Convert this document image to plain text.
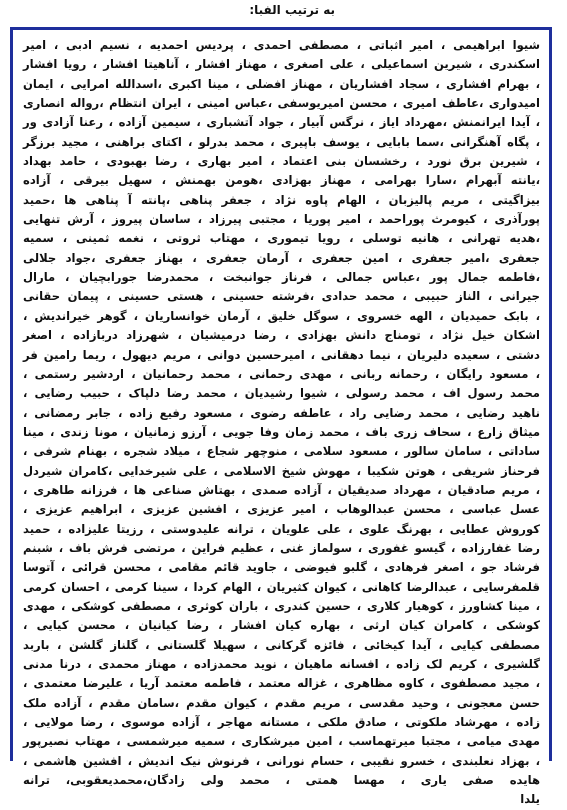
به ترتیب الفبا:
شیوا ابراهیمی ، امیر اثباتی ، مصطفی احمدی ، پردیس احمدیه ، نسیم ادبی ، امیر
اسکندری ، شیرین اسماعیلی ، علی اصغری ، مهناز افشار ، آناهیتا افشار ، رویا افشار
، بهرام افشاری ، سجاد افشاریان ، مهناز افضلی ، مینا اکبری ،اسدالله امرایی ، ایمان
امیدواری ،عاطف امیری ، محسن امیریوسفی ،عباس امینی ، ایران انتظام ،رواله انصاری
، آیدا ایرانمنش ،مهرداد ایاز ، نرگس آبیار ، جواد آتشباری ، سیمین آزاده ، رعنا آزادی ور
، پگاه آهنگرانی ،سما بابایی ، یوسف باپیری ، محمد بدرلو ، اکتای براهنی ، مجید برزگر
، شیرین برق نورد ، رخشسان بنی اعتماد ، امیر بهاری ، رضا بهبودی ، حامد بهداد
،یانته آبهرام ،سارا بهرامی ، مهناز بهزادی ،هومن بهمنش ، سهیل بیرقی ، آزاده
بیزاگیتی ، مریم پالیزبان ، الهام پاوه نژاد ، جعفر پناهی ،پانته آ پناهی ها ،حمید
پورآذری ، کیومرث پوراحمد ، امیر پوریا ، مجتبی پیرزاد ، ساسان پیروز ، آرش تنهایی
،هدیه تهرانی ، هانیه توسلی ، رویا تیموری ، مهتاب ثروتی ، نغمه ثمینی ، سمیه
جعفری ،امیر جعفری ، امین جعفری ، آرمان جعفری ، بهناز جعفری ،جواد جلالی
،فاطمه جمال پور ،عباس جمالی ، فرناز جوانبخت ، محمدرضا جورابچیان ، مارال
جیرانی ، الناز حبیبی ، محمد حدادی ،فرشته حسینی ، هستی حسینی ، پیمان حقانی
، بابک حمیدیان ، الهه خسروی ، سوگل خلیق ، آرمان خوانساریان ، گوهر خیراندیش ،
اشکان خیل نژاد ، تومناج دانش بهزادی ، رضا درمیشیان ، شهرزاد دربازاده ، اصغر
دشتی ، سعیده دلیریان ، نیما دهقانی ، امیرحسین دوانی ، مریم دیهول ، ریما رامین فر
، مسعود رایگان ، رحمانه ربانی ، مهدی رحمانی ، محمد رحمانیان ، اردشیر رستمی ،
محمد رسول اف ، محمد رسولی ، شیوا رشیدیان ، محمد رضا دلپاک ، حبیب رضایی ،
ناهید رضایی ، محمد رضایی راد ، عاطفه رضوی ، مسعود رفیع زاده ، جابر رمضانی ،
میثاق زارع ، سحاف زری باف ، محمد زمان وفا جویی ، آرزو زمانیان ، مونا زندی ، مینا
ساداتی ، سامان سالور ، مسعود سلامی ، منوچهر شجاع ، میلاد شجره ، بهنام شرفی ،
فرحناز شریفی ، هوتن شکیبا ، مهوش شیخ الاسلامی ، علی شیرخدایی ،کامران شیردل
، مریم صادقیان ، مهرداد صدیقیان ، آزاده صمدی ، بهتاش صناعی ها ، فرزانه طاهری ،
عسل عباسی ، محسن عبدالوهاب ، امیر عزیزی ، افشین عزیزی ، ابراهیم عزیزی ،
کوروش عطایی ، بهرنگ علوی ، علی علویان ، ترانه علیدوستی ، رزیتا علیزاده ، حمید
رضا غفارزاده ، گیسو غفوری ، سولماز غنی ، عظیم فراین ، مرتضی فرش باف ، شبنم
فرشاد جو ، اصغر فرهادی ، گلبو فیوضی ، جاوید قائم مقامی ، محسن قرائی ، آتوسا
قلمفرسایی ، عبدالرضا کاهانی ، کیوان کثیریان ، الهام کردا ، سینا کرمی ، احسان کرمی
، مینا کشاورز ، کوهیار کلاری ، حسین کندری ، باران کوثری ، مصطفی کوشکی ، مهدی
کوشکی ، کامران کیان ارثی ، بهاره کیان افشار ، رضا کیانیان ، محسن کیایی ،
مصطفی کیایی ، آیدا کیخائی ، فائزه گرکانی ، سهیلا گلستانی ، گلناز گلشن ، باربد
گلشیری ، کریم لک زاده ، افسانه ماهیان ، نوید محمدزاده ، مهناز محمدی ، درنا مدنی
، مجید مصطفوی ، کاوه مظاهری ، غزاله معتمد ، فاطمه معتمد آریا ، علیرضا معتمدی ،
حسن معجونی ، وحید مقدسی ، مریم مقدم ، کیوان مقدم ،سامان مقدم ، آزاده ملک
زاده ، مهرشاد ملکوتی ، صادق ملکی ، مستانه مهاجر ، آزاده موسوی ، رضا مولایی ،
مهدی میامی ، مجتبا میرتهماسب ، امین میرشکاری ، سمیه میرشمسی ، مهتاب نصیرپور
، بهزاد نعلبندی ، خسرو نقیبی ، حسام نورانی ، فرنوش نیک اندیش ، افشین هاشمی ،
هایده صفی یاری ، مهسا همتی ، محمد ولی زادگان،محمدیعقوبی، ترانه
یلدا
